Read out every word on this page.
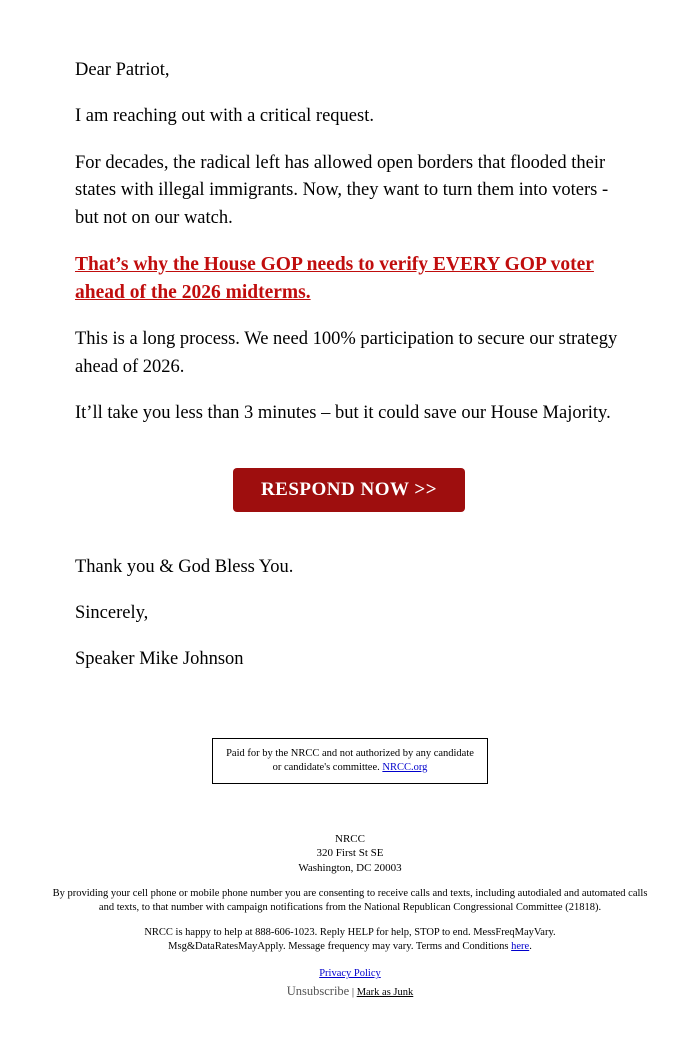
Dear Patriot,

I am reaching out with a critical request.

For decades, the radical left has allowed open borders that flooded their states with illegal immigrants. Now, they want to turn them into voters - but not on our watch.

That’s why the House GOP needs to verify EVERY GOP voter ahead of the 2026 midterms.

This is a long process. We need 100% participation to secure our strategy ahead of 2026.

It’ll take you less than 3 minutes – but it could save our House Majority.

RESPOND NOW >>

Thank you & God Bless You.

Sincerely,

Speaker Mike Johnson

Paid for by the NRCC and not authorized by any candidate or candidate's committee. NRCC.org
NRCC
320 First St SE
Washington, DC 20003

By providing your cell phone or mobile phone number you are consenting to receive calls and texts, including autodialed and automated calls and texts, to that number with campaign notifications from the National Republican Congressional Committee (21818).

NRCC is happy to help at 888-606-1023. Reply HELP for help, STOP to end. MessFreqMayVary. Msg&DataRatesMayApply. Message frequency may vary. Terms and Conditions here.

Privacy Policy

Unsubscribe | Mark as Junk
